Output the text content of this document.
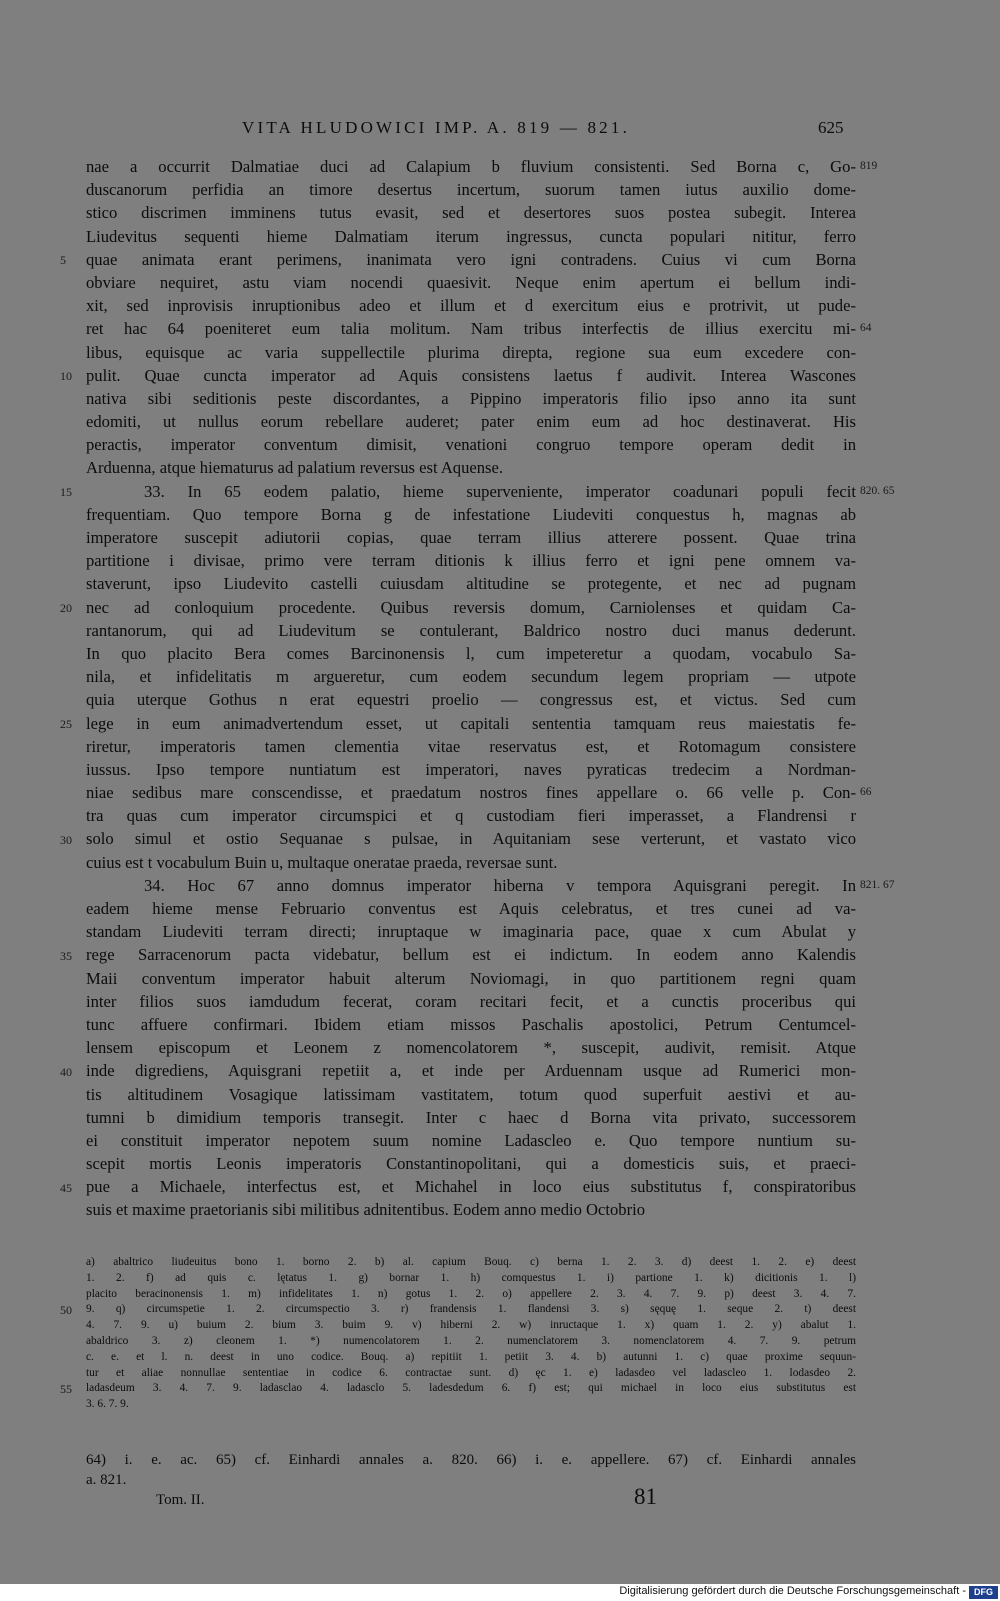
VITA HLUDOWICI IMP. A. 819 — 821.	625
nae a occurrit Dalmatiae duci ad Calapium b fluvium consistenti. Sed Borna c, Go-
duscanorum perfidia an timore desertus incertum, suorum tamen iutus auxilio dome-
stico discrimen imminens tutus evasit, sed et desertores suos postea subegit. Interea
Liudevitus sequenti hieme Dalmatiam iterum ingressus, cuncta populari nititur, ferro
quae animata erant perimens, inanimata vero igni contradens. Cuius vi cum Borna
obviare nequiret, astu viam nocendi quaesivit. Neque enim apertum ei bellum indi-
xit, sed inprovisis inruptionibus adeo et illum et d exercitum eius e protrivit, ut pude-
ret hac 64 poeniteret eum talia molitum. Nam tribus interfectis de illius exercitu mi-
libus, equisque ac varia suppellectile plurima direpta, regione sua eum excedere con-
pulit. Quae cuncta imperator ad Aquis consistens laetus f audivit. Interea Wascones
nativa sibi seditionis peste discordantes, a Pippino imperatoris filio ipso anno ita sunt
edomiti, ut nullus eorum rebellare auderet; pater enim eum ad hoc destinaverat. His
peractis, imperator conventum dimisit, venationi congruo tempore operam dedit in
Arduenna, atque hiematurus ad palatium reversus est Aquense.
33. In 65 eodem palatio, hieme superveniente, imperator coadunari populi fecit
frequentiam. Quo tempore Borna g de infestatione Liudeviti conquestus h, magnas ab
imperatore suscepit adiutorii copias, quae terram illius atterere possent. Quae trina
partitione i divisae, primo vere terram ditionis k illius ferro et igni pene omnem va-
staverunt, ipso Liudevito castelli cuiusdam altitudine se protegente, et nec ad pugnam
nec ad conloquium procedente. Quibus reversis domum, Carniolenses et quidam Ca-
rantanorum, qui ad Liudevitum se contulerant, Baldrico nostro duci manus dederunt.
In quo placito Bera comes Barcinonensis l, cum impeteretur a quodam, vocabulo Sa-
nila, et infidelitatis m argueretur, cum eodem secundum legem propriam — utpote
quia uterque Gothus n erat equestri proelio — congressus est, et victus. Sed cum
lege in eum animadvertendum esset, ut capitali sententia tamquam reus maiestatis fe-
riretur, imperatoris tamen clementia vitae reservatus est, et Rotomagum consistere
iussus. Ipso tempore nuntiatum est imperatori, naves pyraticas tredecim a Nordman-
niae sedibus mare conscendisse, et praedatum nostros fines appellare o. 66 velle p. Con-
tra quas cum imperator circumspici et q custodiam fieri imperasset, a Flandrensi r
solo simul et ostio Sequanae s pulsae, in Aquitaniam sese verterunt, et vastato vico
cuius est t vocabulum Buin u, multaque oneratae praeda, reversae sunt.
34. Hoc 67 anno domnus imperator hiberna v tempora Aquisgrani peregit. In
eadem hieme mense Februario conventus est Aquis celebratus, et tres cunei ad va-
standam Liudeviti terram directi; inruptaque w imaginaria pace, quae x cum Abulat y
rege Sarracenorum pacta videbatur, bellum est ei indictum. In eodem anno Kalendis
Maii conventum imperator habuit alterum Noviomagi, in quo partitionem regni quam
inter filios suos iamdudum fecerat, coram recitari fecit, et a cunctis proceribus qui
tunc affuere confirmari. Ibidem etiam missos Paschalis apostolici, Petrum Centumcel-
lensem episcopum et Leonem z nomencolatorem *, suscepit, audivit, remisit. Atque
inde digrediens, Aquisgrani repetiit a, et inde per Arduennam usque ad Rumerici mon-
tis altitudinem Vosagique latissimam vastitatem, totum quod superfuit aestivi et au-
tumni b dimidium temporis transegit. Inter c haec d Borna vita privato, successorem
ei constituit imperator nepotem suum nomine Ladascleo e. Quo tempore nuntium su-
scepit mortis Leonis imperatoris Constantinopolitani, qui a domesticis suis, et praeci-
pue a Michaele, interfectus est, et Michahel in loco eius substitutus f, conspiratoribus
suis et maxime praetorianis sibi militibus adnitentibus. Eodem anno medio Octobrio
a) abaltrico liudeuitus bono 1. borno 2. b) al. capium Bouq. c) berna 1. 2. 3. d) deest 1. 2. e) deest
1. 2. f) ad quis c. lętatus 1. g) bornar 1. h) comquestus 1. i) partione 1. k) dicitionis 1. l)
placito beracinonensis 1. m) infidelitates 1. n) gotus 1. 2. o) appellere 2. 3. 4. 7. 9. p) deest 3. 4. 7.
9. q) circumspetie 1. 2. circumspectio 3. r) frandensis 1. flandensi 3. s) sęquę 1. seque 2. t) deest
4. 7. 9. u) buium 2. bium 3. buim 9. v) hiberni 2. w) inructaque 1. x) quam 1. 2. y) abalut 1.
abaldrico 3. z) cleonem 1. *) numencolatorem 1. 2. numenclatorem 3. nomenclatorem 4. 7. 9. petrum
c. e. et l. n. deest in uno codice. Bouq. a) repitiit 1. petiit 3. 4. b) autunni 1. c) quae proxime sequun-
tur et aliae nonnullae sententiae in codice 6. contractae sunt. d) ęc 1. e) ladasdeo vel ladascleo 1. lodasdeo 2.
ladasdeum 3. 4. 7. 9. ladasclao 4. ladasclo 5. ladesdedum 6. f) est; qui michael in loco eius substitutus est
3. 6. 7. 9.
64) i. e. ac. 65) cf. Einhardi annales a. 820. 66) i. e. appellere. 67) cf. Einhardi annales
a. 821.
Tom. II.	81
Digitalisierung gefördert durch die Deutsche Forschungsgemeinschaft - DFG
5
10
15
20
25
30
35
40
45
819
64
820. 65
66
821. 67
50
55
